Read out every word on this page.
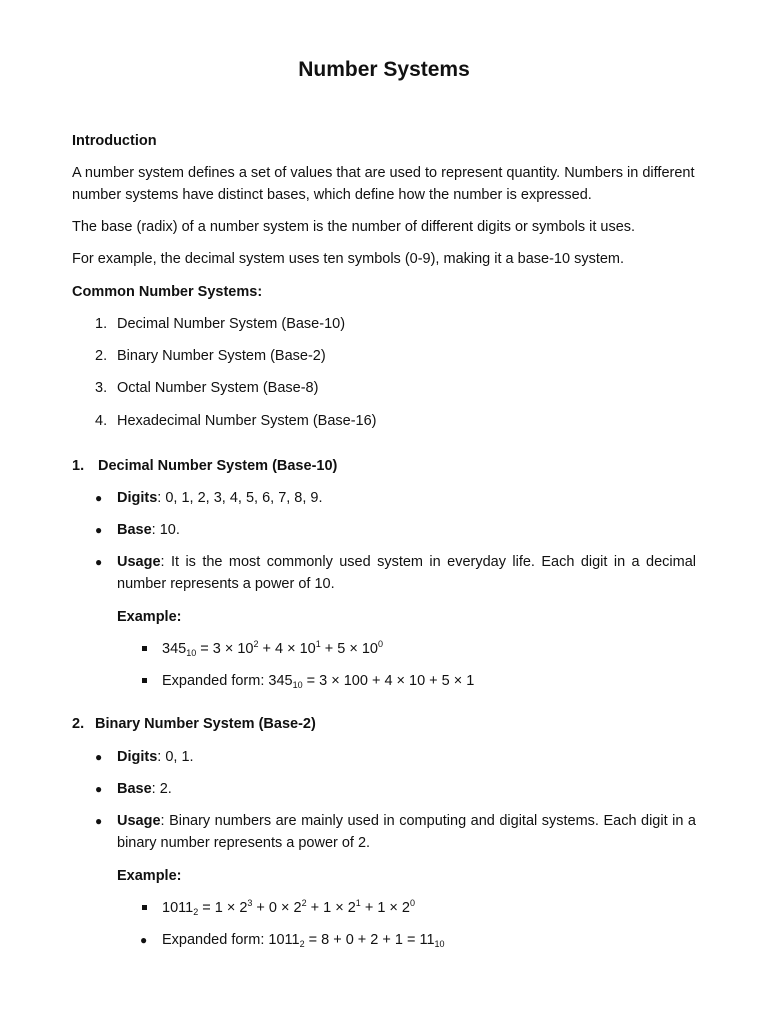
Number Systems

Introduction

A number system defines a set of values that are used to represent quantity. Numbers in different number systems have distinct bases, which define how the number is expressed.

The base (radix) of a number system is the number of different digits or symbols it uses.

For example, the decimal system uses ten symbols (0-9), making it a base-10 system.

Common Number Systems:

1. Decimal Number System (Base-10)
2. Binary Number System (Base-2)
3. Octal Number System (Base-8)
4. Hexadecimal Number System (Base-16)
1. Decimal Number System (Base-10)
● Digits: 0, 1, 2, 3, 4, 5, 6, 7, 8, 9.
● Base: 10.
● Usage: It is the most commonly used system in everyday life. Each digit in a decimal number represents a power of 10.
Example:
$345_{10} = 3 \times 10^2 + 4 \times 10^1 + 5 \times 10^0$
Expanded form: $345_{10} = 3 \times 100 + 4 \times 10 + 5 \times 1$
2. Binary Number System (Base-2)
● Digits: 0, 1.
● Base: 2.
● Usage: Binary numbers are mainly used in computing and digital systems. Each digit in a binary number represents a power of 2.
Example:
$1011_2 = 1 \times 2^3 + 0 \times 2^2 + 1 \times 2^1 + 1 \times 2^0$
● Expanded form: $1011_2 = 8 + 0 + 2 + 1 = 11_{10}$
